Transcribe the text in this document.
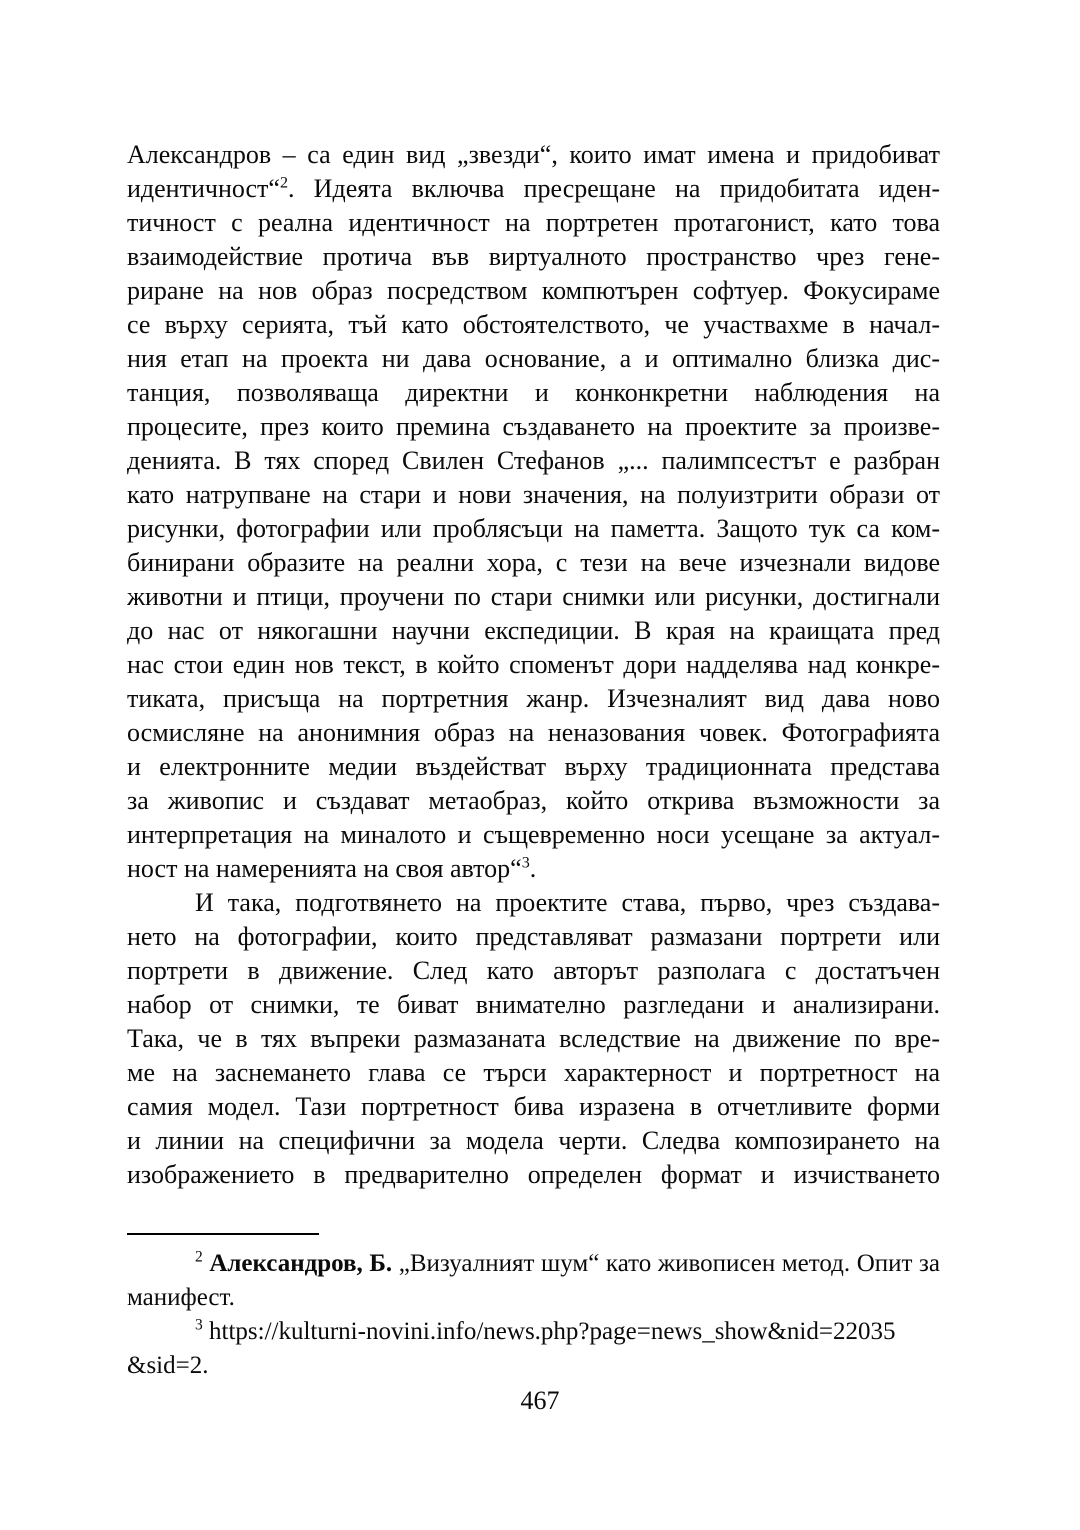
Александров – са един вид „звезди“, които имат имена и придобиват
идентичност“$^2$. Идеята включва пресрещане на придобитата иден-
тичност с реална идентичност на портретен протагонист, като това
взаимодействие протича във виртуалното пространство чрез гене-
риране на нов образ посредством компютърен софтуер. Фокусираме
се върху серията, тъй като обстоятелството, че участвахме в начал-
ния етап на проекта ни дава основание, а и оптимално близка дис-
танция, позволяваща директни и конконкретни наблюдения на
процесите, през които премина създаването на проектите за произве-
денията. В тях според Свилен Стефанов „... палимпсестът е разбран
като натрупване на стари и нови значения, на полуизтрити образи от
рисунки, фотографии или проблясъци на паметта. Защото тук са ком-
бинирани образите на реални хора, с тези на вече изчезнали видове
животни и птици, проучени по стари снимки или рисунки, достигнали
до нас от някогашни научни експедиции. В края на краищата пред
нас стои един нов текст, в който споменът дори надделява над конкре-
тиката, присъща на портретния жанр. Изчезналият вид дава ново
осмисляне на анонимния образ на неназования човек. Фотографията
и електронните медии въздействат върху традиционната представа
за живопис и създават метаобраз, който открива възможности за
интерпретация на миналото и същевременно носи усещане за актуал-
ност на намеренията на своя автор“$^3$.
И така, подготвянето на проектите става, първо, чрез създава-
нето на фотографии, които представляват размазани портрети или
портрети в движение. След като авторът разполага с достатъчен
набор от снимки, те биват внимателно разгледани и анализирани.
Така, че в тях въпреки размазаната вследствие на движение по вре-
ме на заснемането глава се търси характерност и портретност на
самия модел. Тази портретност бива изразена в отчетливите форми
и линии на специфични за модела черти. Следва композирането на
изображението в предварително определен формат и изчистването
$^2$ Александров, Б. „Визуалният шум“ като живописен метод. Опит за
манифест.
$^3$ https://kulturni-novini.info/news.php?page=news_show&nid=22035
&sid=2.
467
